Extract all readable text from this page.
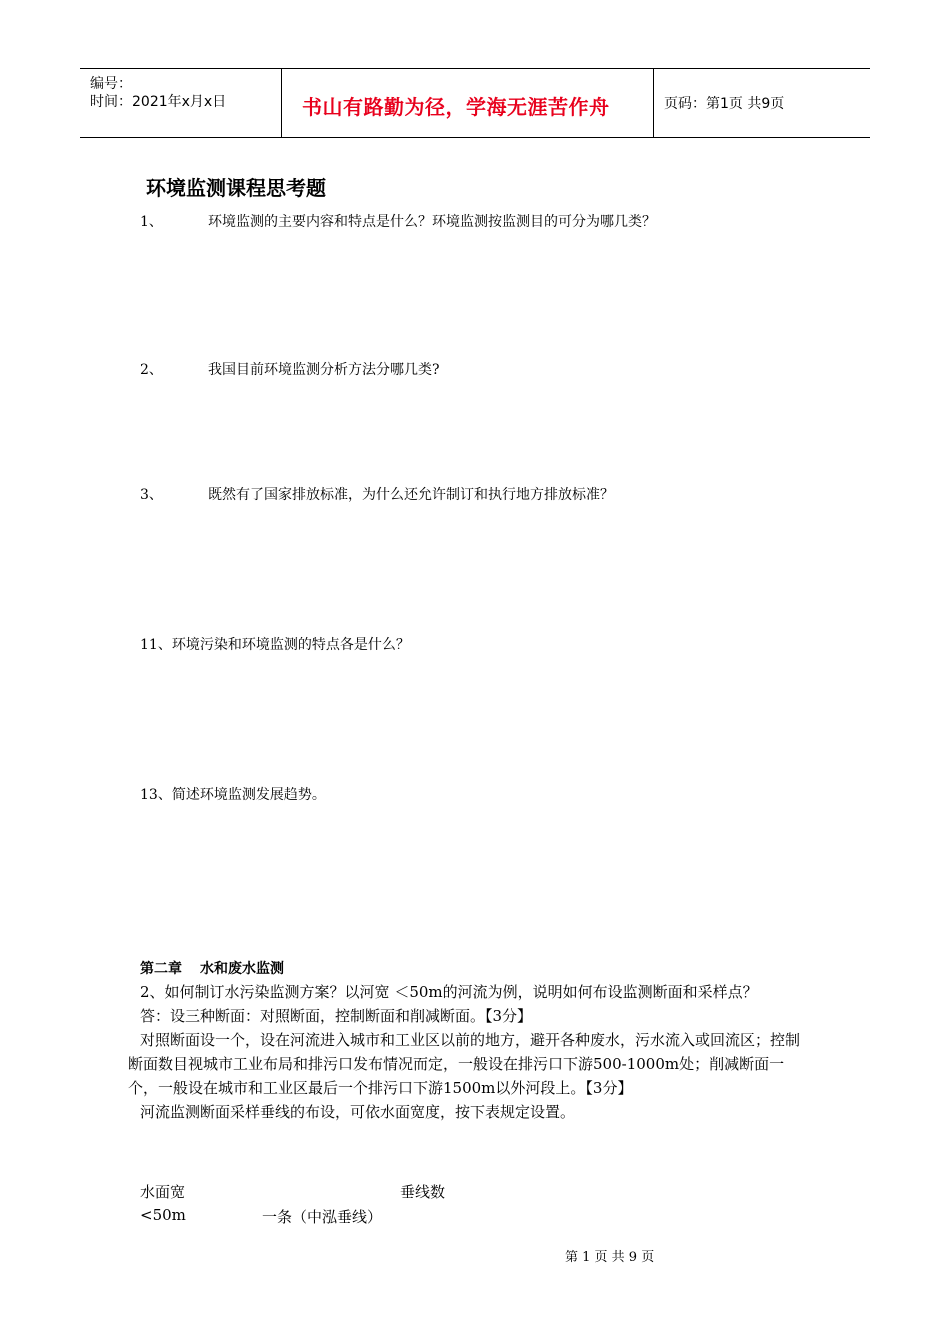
编号：
时间：2021年x月x日	书山有路勤为径，学海无涯苦作舟	页码：第1页 共9页
环境监测课程思考题
1、	环境监测的主要内容和特点是什么？环境监测按监测目的可分为哪几类？
2、	我国目前环境监测分析方法分哪几类?
3、	既然有了国家排放标准，为什么还允许制订和执行地方排放标准？
11、环境污染和环境监测的特点各是什么？
13、简述环境监测发展趋势。
第二章 水和废水监测

2、如何制订水污染监测方案？以河宽 ＜50m的河流为例，说明如何布设监测断面和采样点？

答：设三种断面：对照断面，控制断面和削减断面。【3分】

对照断面设一个，设在河流进入城市和工业区以前的地方，避开各种废水，污水流入或回流区；控制断面数目视城市工业布局和排污口发布情况而定，一般设在排污口下游500-1000m处；削减断面一个，一般设在城市和工业区最后一个排污口下游1500m以外河段上。【3分】

河流监测断面采样垂线的布设，可依水面宽度，按下表规定设置。

水面宽	垂线数
<50m	一条（中泓垂线）
第 1 页 共 9 页
